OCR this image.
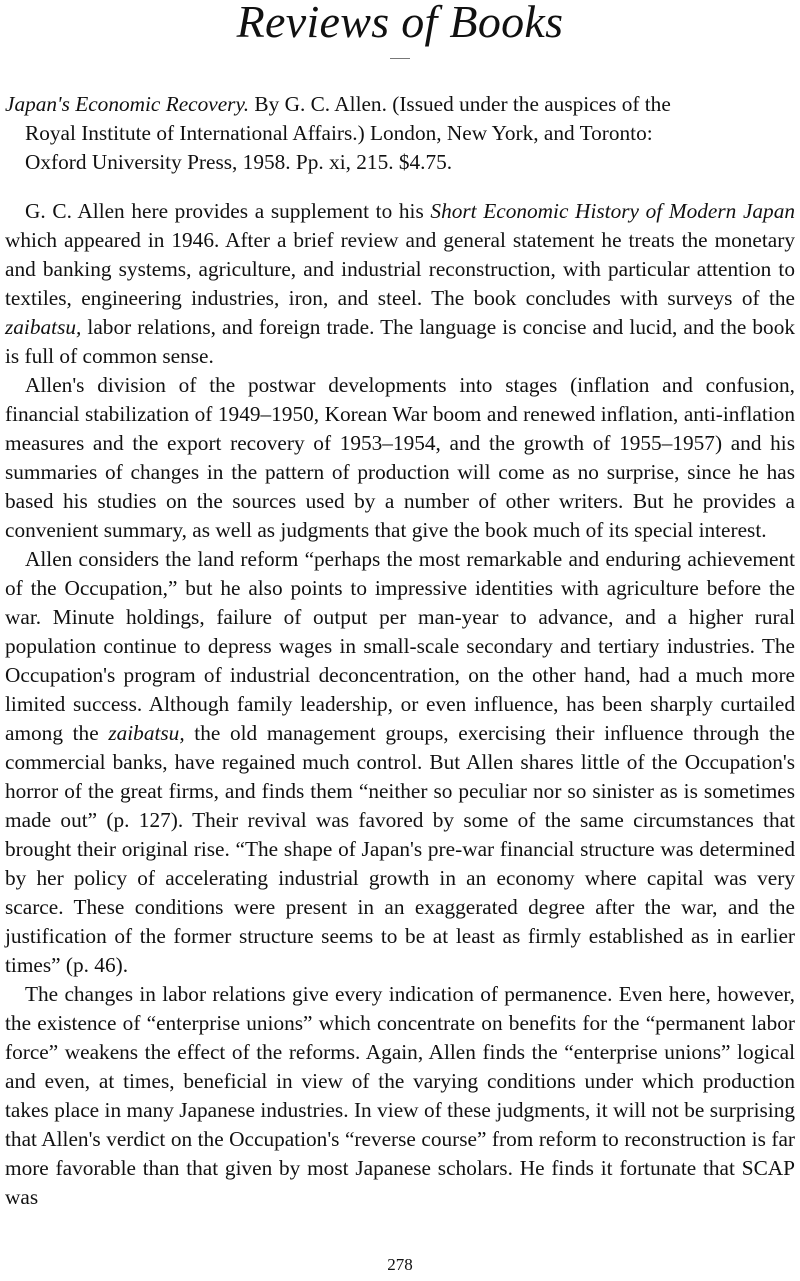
Reviews of Books
Japan's Economic Recovery. By G. C. Allen. (Issued under the auspices of the
Royal Institute of International Affairs.) London, New York, and Toronto:
Oxford University Press, 1958. Pp. xi, 215. $4.75.

G. C. Allen here provides a supplement to his Short Economic History of Modern Japan which appeared in 1946. After a brief review and general statement he treats the monetary and banking systems, agriculture, and industrial reconstruction, with particular attention to textiles, engineering industries, iron, and steel. The book concludes with surveys of the zaibatsu, labor relations, and foreign trade. The language is concise and lucid, and the book is full of common sense.

Allen's division of the postwar developments into stages (inflation and confusion, financial stabilization of 1949–1950, Korean War boom and renewed inflation, anti-inflation measures and the export recovery of 1953–1954, and the growth of 1955–1957) and his summaries of changes in the pattern of production will come as no surprise, since he has based his studies on the sources used by a number of other writers. But he provides a convenient summary, as well as judgments that give the book much of its special interest.

Allen considers the land reform “perhaps the most remarkable and enduring achievement of the Occupation,” but he also points to impressive identities with agriculture before the war. Minute holdings, failure of output per man-year to advance, and a higher rural population continue to depress wages in small-scale secondary and tertiary industries. The Occupation's program of industrial deconcentration, on the other hand, had a much more limited success. Although family leadership, or even influence, has been sharply curtailed among the zaibatsu, the old management groups, exercising their influence through the commercial banks, have regained much control. But Allen shares little of the Occupation's horror of the great firms, and finds them “neither so peculiar nor so sinister as is sometimes made out” (p. 127). Their revival was favored by some of the same circumstances that brought their original rise. “The shape of Japan's pre-war financial structure was determined by her policy of accelerating industrial growth in an economy where capital was very scarce. These conditions were present in an exaggerated degree after the war, and the justification of the former structure seems to be at least as firmly established as in earlier times” (p. 46).

The changes in labor relations give every indication of permanence. Even here, however, the existence of “enterprise unions” which concentrate on benefits for the “permanent labor force” weakens the effect of the reforms. Again, Allen finds the “enterprise unions” logical and even, at times, beneficial in view of the varying conditions under which production takes place in many Japanese industries. In view of these judgments, it will not be surprising that Allen's verdict on the Occupation's “reverse course” from reform to reconstruction is far more favorable than that given by most Japanese scholars. He finds it fortunate that SCAP was

278
